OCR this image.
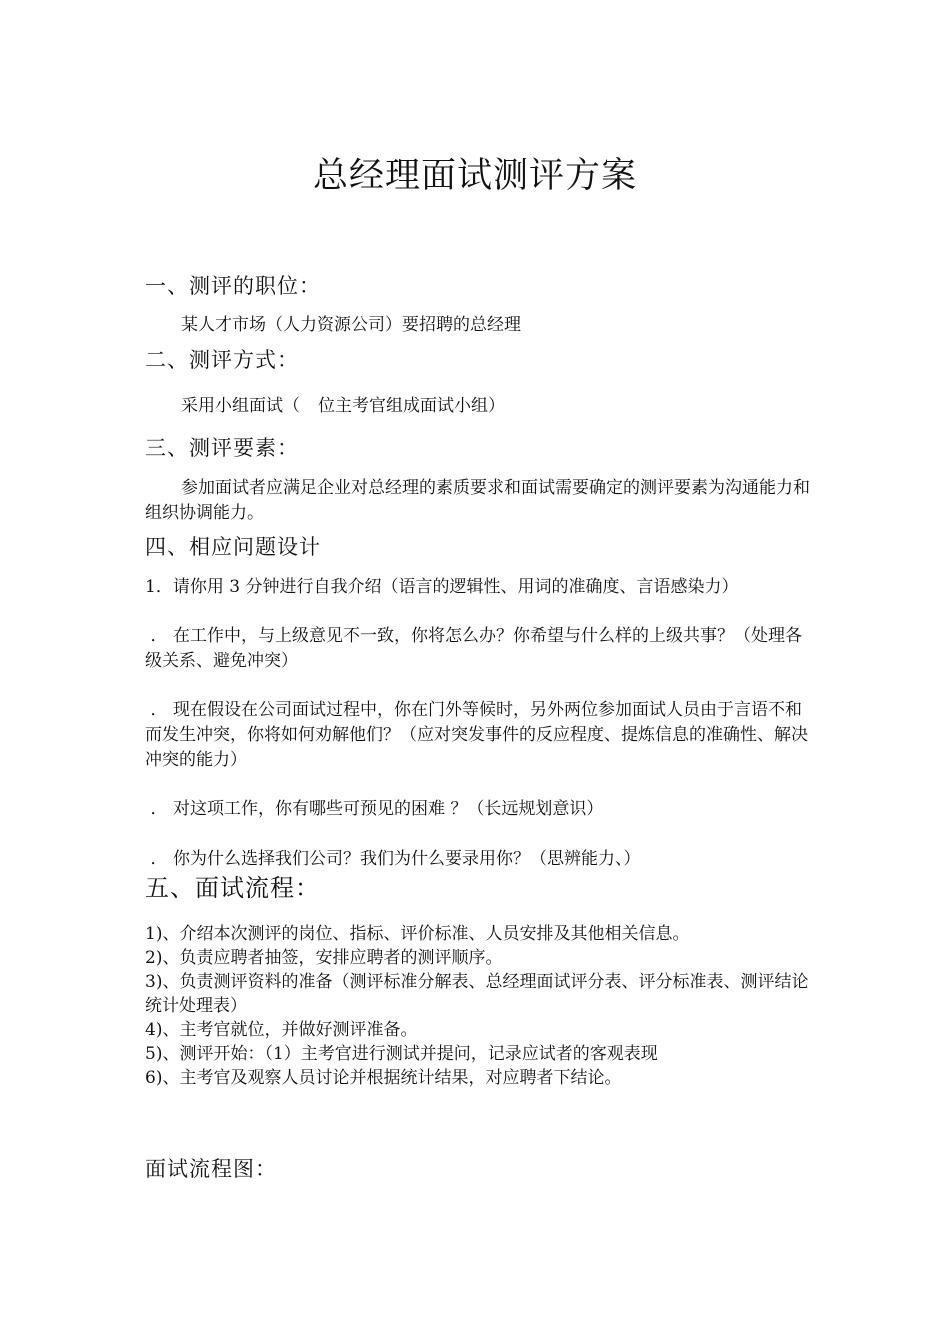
总经理面试测评方案
一、测评的职位：
某人才市场（人力资源公司）要招聘的总经理
二、测评方式：
采用小组面试（ 位主考官组成面试小组）
三、测评要素：
参加面试者应满足企业对总经理的素质要求和面试需要确定的测评要素为沟通能力和组织协调能力。
四、相应问题设计
1．请你用 3 分钟进行自我介绍（语言的逻辑性、用词的准确度、言语感染力）
． 在工作中，与上级意见不一致，你将怎么办？你希望与什么样的上级共事？（处理各级关系、避免冲突）
． 现在假设在公司面试过程中，你在门外等候时，另外两位参加面试人员由于言语不和而发生冲突，你将如何劝解他们？（应对突发事件的反应程度、提炼信息的准确性、解决冲突的能力）
． 对这项工作，你有哪些可预见的困难 ？（长远规划意识）
． 你为什么选择我们公司？我们为什么要录用你？（思辨能力、）
五、面试流程：
1)、介绍本次测评的岗位、指标、评价标准、人员安排及其他相关信息。
2)、负责应聘者抽签，安排应聘者的测评顺序。
3)、负责测评资料的准备（测评标准分解表、总经理面试评分表、评分标准表、测评结论统计处理表）
4)、主考官就位，并做好测评准备。
5)、测评开始：（1）主考官进行测试并提问，记录应试者的客观表现
6)、主考官及观察人员讨论并根据统计结果，对应聘者下结论。
面试流程图：
